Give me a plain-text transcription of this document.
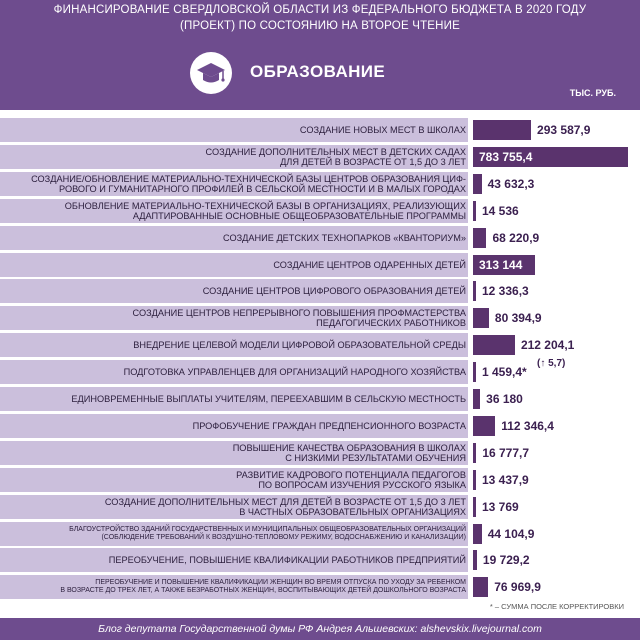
ФИНАНСИРОВАНИЕ СВЕРДЛОВСКОЙ ОБЛАСТИ ИЗ ФЕДЕРАЛЬНОГО БЮДЖЕТА В 2020 ГОДУ
(ПРОЕКТ) ПО СОСТОЯНИЮ НА ВТОРОЕ ЧТЕНИЕ
ОБРАЗОВАНИЕ
ТЫС. РУБ.
СОЗДАНИЕ НОВЫХ МЕСТ В ШКОЛАХ	293 587,9
СОЗДАНИЕ ДОПОЛНИТЕЛЬНЫХ МЕСТ В ДЕТСКИХ САДАХ
ДЛЯ ДЕТЕЙ В ВОЗРАСТЕ ОТ 1,5 ДО 3 ЛЕТ 783 755,4
СОЗДАНИЕ/ОБНОВЛЕНИЕ МАТЕРИАЛЬНО-ТЕХНИЧЕСКОЙ БАЗЫ ЦЕНТРОВ ОБРАЗОВАНИЯ ЦИФ-
РОВОГО И ГУМАНИТАРНОГО ПРОФИЛЕЙ В СЕЛЬСКОЙ МЕСТНОСТИ И В МАЛЫХ ГОРОДАХ 43 632,3
ОБНОВЛЕНИЕ МАТЕРИАЛЬНО-ТЕХНИЧЕСКОЙ БАЗЫ В ОРГАНИЗАЦИЯХ, РЕАЛИЗУЮЩИХ
АДАПТИРОВАННЫЕ ОСНОВНЫЕ ОБЩЕОБРАЗОВАТЕЛЬНЫЕ ПРОГРАММЫ 14 536
СОЗДАНИЕ ДЕТСКИХ ТЕХНОПАРКОВ «КВАНТОРИУМ» 68 220,9
СОЗДАНИЕ ЦЕНТРОВ ОДАРЕННЫХ ДЕТЕЙ 313 144
СОЗДАНИЕ ЦЕНТРОВ ЦИФРОВОГО ОБРАЗОВАНИЯ ДЕТЕЙ 12 336,3
СОЗДАНИЕ ЦЕНТРОВ НЕПРЕРЫВНОГО ПОВЫШЕНИЯ ПРОФМАСТЕРСТВА
ПЕДАГОГИЧЕСКИХ РАБОТНИКОВ 80 394,9
ВНЕДРЕНИЕ ЦЕЛЕВОЙ МОДЕЛИ ЦИФРОВОЙ ОБРАЗОВАТЕЛЬНОЙ СРЕДЫ	212 204,1
ПОДГОТОВКА УПРАВЛЕНЦЕВ ДЛЯ ОРГАНИЗАЦИЙ НАРОДНОГО ХОЗЯЙСТВА 1 459,4*
ЕДИНОВРЕМЕННЫЕ ВЫПЛАТЫ УЧИТЕЛЯМ, ПЕРЕЕХАВШИМ В СЕЛЬСКУЮ МЕСТНОСТЬ 36 180
ПРОФОБУЧЕНИЕ ГРАЖДАН ПРЕДПЕНСИОННОГО ВОЗРАСТА	112 346,4
ПОВЫШЕНИЕ КАЧЕСТВА ОБРАЗОВАНИЯ В ШКОЛАХ
С НИЗКИМИ РЕЗУЛЬТАТАМИ ОБУЧЕНИЯ 16 777,7
РАЗВИТИЕ КАДРОВОГО ПОТЕНЦИАЛА ПЕДАГОГОВ
ПО ВОПРОСАМ ИЗУЧЕНИЯ РУССКОГО ЯЗЫКА 13 437,9
СОЗДАНИЕ ДОПОЛНИТЕЛЬНЫХ МЕСТ ДЛЯ ДЕТЕЙ В ВОЗРАСТЕ ОТ 1,5 ДО 3 ЛЕТ
В ЧАСТНЫХ ОБРАЗОВАТЕЛЬНЫХ ОРГАНИЗАЦИЯХ 13 769
БЛАГОУСТРОЙСТВО ЗДАНИЙ ГОСУДАРСТВЕННЫХ И МУНИЦИПАЛЬНЫХ ОБЩЕОБРАЗОВАТЕЛЬНЫХ ОРГАНИЗАЦИЙ
(СОБЛЮДЕНИЕ ТРЕБОВАНИЙ К ВОЗДУШНО-ТЕПЛОВОМУ РЕЖИМУ, ВОДОСНАБЖЕНИЮ И КАНАЛИЗАЦИИ) 44 104,9
ПЕРЕОБУЧЕНИЕ, ПОВЫШЕНИЕ КВАЛИФИКАЦИИ РАБОТНИКОВ ПРЕДПРИЯТИЙ 19 729,2
ПЕРЕОБУЧЕНИЕ И ПОВЫШЕНИЕ КВАЛИФИКАЦИИ ЖЕНЩИН ВО ВРЕМЯ ОТПУСКА ПО УХОДУ ЗА РЕБЕНКОМ
В ВОЗРАСТЕ ДО ТРЕХ ЛЕТ, А ТАКЖЕ БЕЗРАБОТНЫХ ЖЕНЩИН, ВОСПИТЫВАЮЩИХ ДЕТЕЙ ДОШКОЛЬНОГО ВОЗРАСТА 76 969,9
(↑ 5,7)
* – СУММА ПОСЛЕ КОРРЕКТИРОВКИ
Блог депутата Государственной думы РФ Андрея Альшевских: alshevskix.livejournal.com
